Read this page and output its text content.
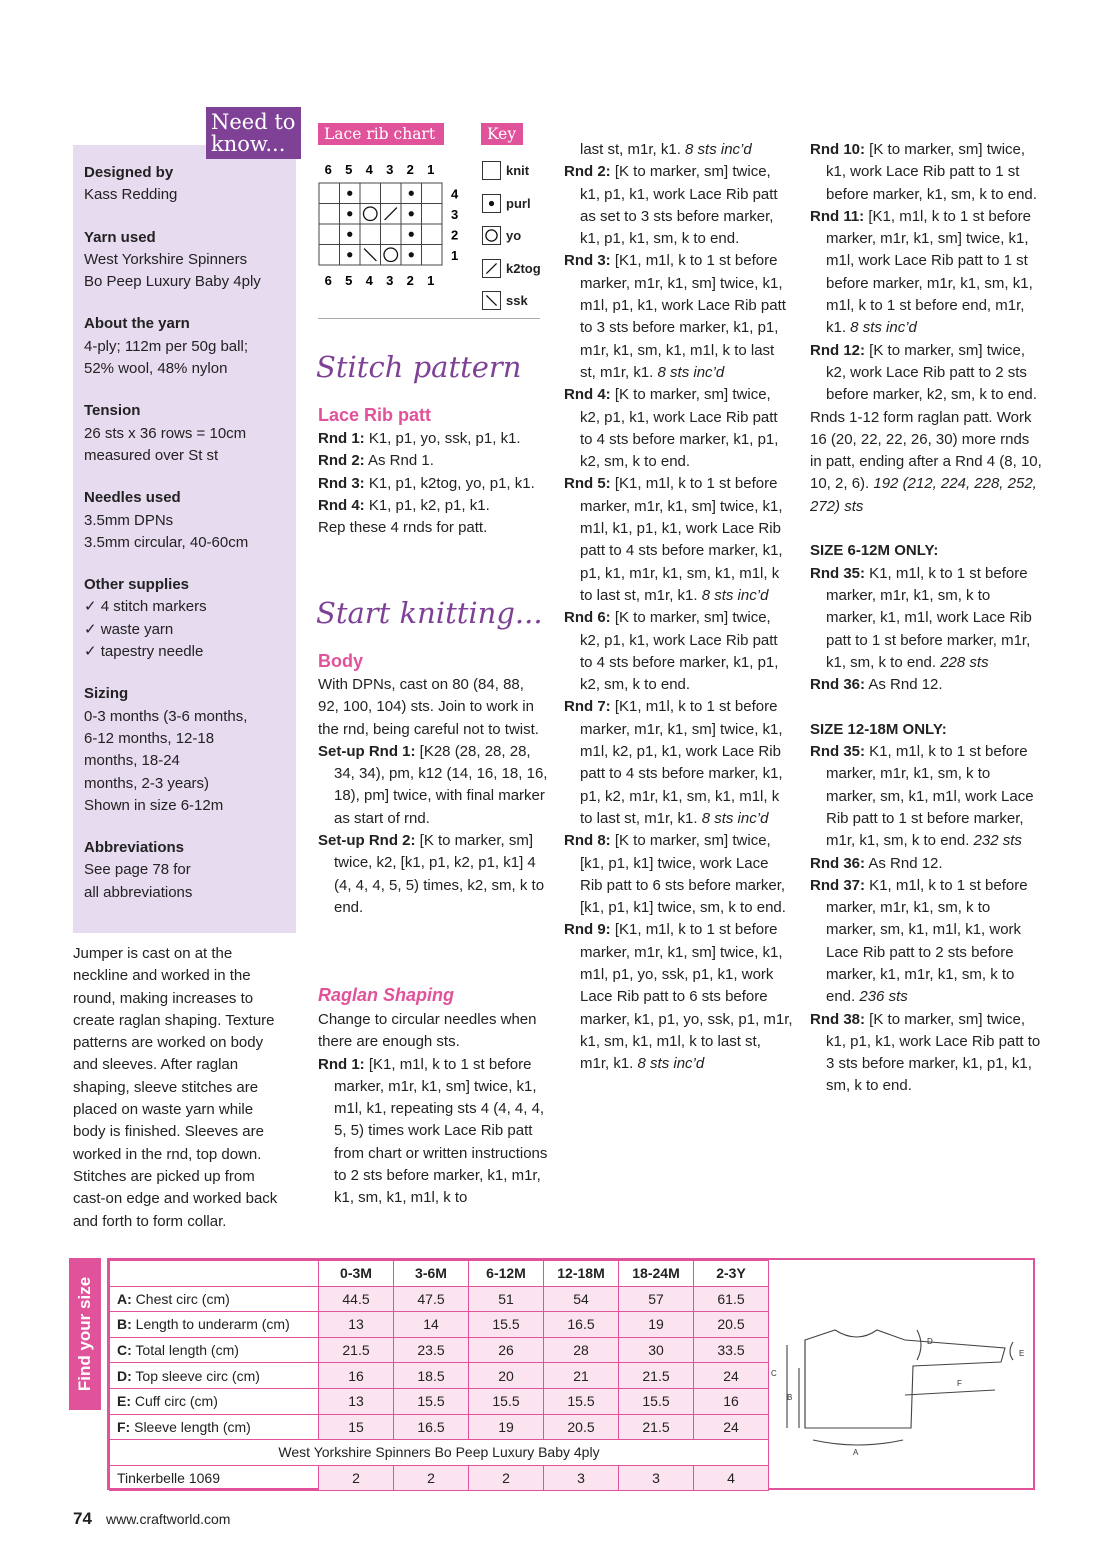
Need to
know...
Designed by
Kass Redding
Yarn used
West Yorkshire Spinners
Bo Peep Luxury Baby 4ply
About the yarn
4-ply; 112m per 50g ball;
52% wool, 48% nylon
Tension
26 sts x 36 rows = 10cm
measured over St st
Needles used
3.5mm DPNs
3.5mm circular, 40-60cm
Other supplies
✓ 4 stitch markers
✓ waste yarn
✓ tapestry needle
Sizing
0-3 months (3-6 months,
6-12 months, 12-18
months, 18-24
months, 2-3 years)
Shown in size 6-12m
Abbreviations
See page 78 for
all abbreviations
Jumper is cast on at the
neckline and worked in the
round, making increases to
create raglan shaping. Texture
patterns are worked on body
and sleeves. After raglan
shaping, sleeve stitches are
placed on waste yarn while
body is finished. Sleeves are
worked in the rnd, top down.
Stitches are picked up from
cast-on edge and worked back
and forth to form collar.
Lace rib chart	Key
6
6
5
5
4
4
3
3
2
2
1
1
4
3
2
1
knit
purl
yo
k2tog
ssk
Stitch pattern
Lace Rib patt

Rnd 1: K1, p1, yo, ssk, p1, k1.

Rnd 2: As Rnd 1.

Rnd 3: K1, p1, k2tog, yo, p1, k1.

Rnd 4: K1, p1, k2, p1, k1.

Rep these 4 rnds for patt.

Start knitting...
Body

With DPNs, cast on 80 (84, 88, 92, 100, 104) sts. Join to work in the rnd, being careful not to twist.

Set-up Rnd 1: [K28 (28, 28, 28, 34, 34), pm, k12 (14, 16, 18, 16, 18), pm] twice, with final marker as start of rnd.

Set-up Rnd 2: [K to marker, sm] twice, k2, [k1, p1, k2, p1, k1] 4 (4, 4, 4, 5, 5) times, k2, sm, k to end.

Raglan Shaping

Change to circular needles when there are enough sts.

Rnd 1: [K1, m1l, k to 1 st before marker, m1r, k1, sm] twice, k1, m1l, k1, repeating sts 4 (4, 4, 4, 5, 5) times work Lace Rib patt from chart or written instructions to 2 sts before marker, k1, m1r, k1, sm, k1, m1l, k to

last st, m1r, k1. 8 sts inc’d

Rnd 2: [K to marker, sm] twice, k1, p1, k1, work Lace Rib patt as set to 3 sts before marker, k1, p1, k1, sm, k to end.

Rnd 3: [K1, m1l, k to 1 st before marker, m1r, k1, sm] twice, k1, m1l, p1, k1, work Lace Rib patt to 3 sts before marker, k1, p1, m1r, k1, sm, k1, m1l, k to last st, m1r, k1. 8 sts inc’d

Rnd 4: [K to marker, sm] twice, k2, p1, k1, work Lace Rib patt to 4 sts before marker, k1, p1, k2, sm, k to end.

Rnd 5: [K1, m1l, k to 1 st before marker, m1r, k1, sm] twice, k1, m1l, k1, p1, k1, work Lace Rib patt to 4 sts before marker, k1, p1, k1, m1r, k1, sm, k1, m1l, k to last st, m1r, k1. 8 sts inc’d

Rnd 6: [K to marker, sm] twice, k2, p1, k1, work Lace Rib patt to 4 sts before marker, k1, p1, k2, sm, k to end.

Rnd 7: [K1, m1l, k to 1 st before marker, m1r, k1, sm] twice, k1, m1l, k2, p1, k1, work Lace Rib patt to 4 sts before marker, k1, p1, k2, m1r, k1, sm, k1, m1l, k to last st, m1r, k1. 8 sts inc’d

Rnd 8: [K to marker, sm] twice, [k1, p1, k1] twice, work Lace Rib patt to 6 sts before marker, [k1, p1, k1] twice, sm, k to end.

Rnd 9: [K1, m1l, k to 1 st before marker, m1r, k1, sm] twice, k1, m1l, p1, yo, ssk, p1, k1, work Lace Rib patt to 6 sts before marker, k1, p1, yo, ssk, p1, m1r, k1, sm, k1, m1l, k to last st, m1r, k1. 8 sts inc’d

Rnd 10: [K to marker, sm] twice, k1, work Lace Rib patt to 1 st before marker, k1, sm, k to end.

Rnd 11: [K1, m1l, k to 1 st before marker, m1r, k1, sm] twice, k1, m1l, work Lace Rib patt to 1 st before marker, m1r, k1, sm, k1, m1l, k to 1 st before end, m1r, k1. 8 sts inc’d

Rnd 12: [K to marker, sm] twice, k2, work Lace Rib patt to 2 sts before marker, k2, sm, k to end.

Rnds 1-12 form raglan patt. Work 16 (20, 22, 22, 26, 30) more rnds in patt, ending after a Rnd 4 (8, 10, 10, 2, 6). 192 (212, 224, 228, 252, 272) sts

SIZE 6-12M ONLY:

Rnd 35: K1, m1l, k to 1 st before marker, m1r, k1, sm, k to marker, k1, m1l, work Lace Rib patt to 1 st before marker, m1r, k1, sm, k to end. 228 sts

Rnd 36: As Rnd 12.

SIZE 12-18M ONLY:

Rnd 35: K1, m1l, k to 1 st before marker, m1r, k1, sm, k to marker, sm, k1, m1l, work Lace Rib patt to 1 st before marker, m1r, k1, sm, k to end. 232 sts

Rnd 36: As Rnd 12.

Rnd 37: K1, m1l, k to 1 st before marker, m1r, k1, sm, k to marker, sm, k1, m1l, k1, work Lace Rib patt to 2 sts before marker, k1, m1r, k1, sm, k to end. 236 sts

Rnd 38: [K to marker, sm] twice, k1, p1, k1, work Lace Rib patt to 3 sts before marker, k1, p1, k1, sm, k to end.

Find your size
	0-3M	3-6M	6-12M	12-18M	18-24M	2-3Y
A: Chest circ (cm)	44.5	47.5	51	54	57	61.5
B: Length to underarm (cm)	13	14	15.5	16.5	19	20.5
C: Total length (cm)	21.5	23.5	26	28	30	33.5
D: Top sleeve circ (cm)	16	18.5	20	21	21.5	24
E: Cuff circ (cm)	13	15.5	15.5	15.5	15.5	16
F: Sleeve length (cm)	15	16.5	19	20.5	21.5	24
West Yorkshire Spinners Bo Peep Luxury Baby 4ply						
Tinkerbelle 1069	2	2	2	3	3	4
A
B
C
D
E
F
74 www.craftworld.com
